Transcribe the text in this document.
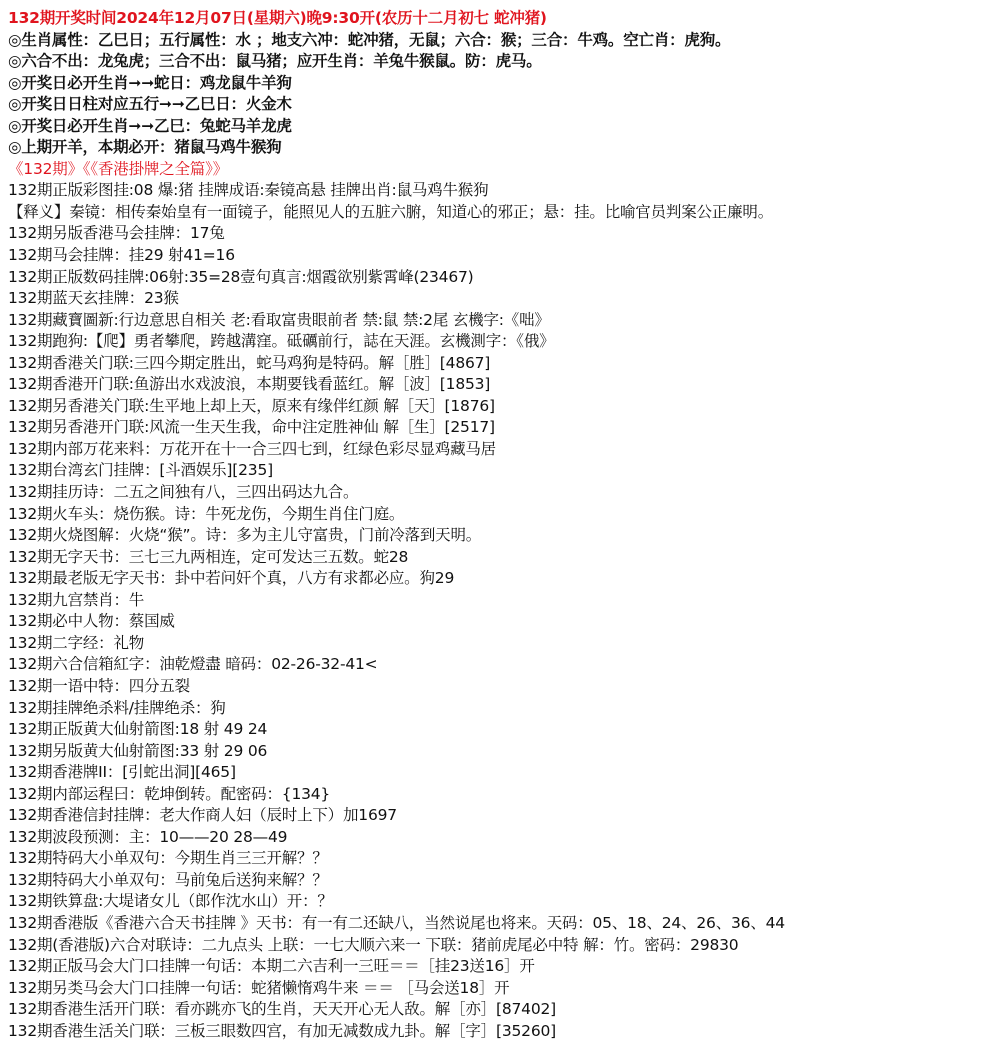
132期开奖时间2024年12月07日(星期六)晚9:30开(农历十二月初七 蛇冲猪)
◎生肖属性：乙巳日；五行属性：水 ；地支六冲：蛇冲猪，无鼠；六合：猴；三合：牛鸡。空亡肖：虎狗。
◎六合不出：龙兔虎；三合不出：鼠马猪；应开生肖：羊兔牛猴鼠。防：虎马。
◎开奖日必开生肖➞➞蛇日：鸡龙鼠牛羊狗
◎开奖日日柱对应五行➞➞乙巳日：火金木
◎开奖日必开生肖➞➞乙巳：兔蛇马羊龙虎
◎上期开羊，本期必开：猪鼠马鸡牛猴狗
《132期》《《香港掛牌之全篇》》
132期正版彩图挂:08 爆:猪 挂牌成语:秦镜高悬 挂牌出肖:鼠马鸡牛猴狗
【释义】秦镜：相传秦始皇有一面镜子，能照见人的五脏六腑，知道心的邪正；悬：挂。比喻官员判案公正廉明。
132期另版香港马会挂牌：17兔
132期马会挂牌：挂29 射41=16
132期正版数码挂牌:06射:35=28壹句真言:烟霞欲别紫霄峰(23467)
132期蓝天玄挂牌：23猴
132期藏寶圖新:行边意思自相关 老:看取富贵眼前者 禁:鼠 禁:2尾 玄機字:《咄》
132期跑狗:【爬】勇者攀爬，跨越溝窪。砥礪前行，誌在天涯。玄機測字：《俄》
132期香港关门联:三四今期定胜出，蛇马鸡狗是特码。解［胜］[4867]
132期香港开门联:鱼游出水戏波浪，本期要钱看蓝红。解［波］[1853]
132期另香港关门联:生平地上却上天，原来有缘伴红颜 解［天］[1876]
132期另香港开门联:风流一生天生我，命中注定胜神仙 解［生］[2517]
132期内部万花来料：万花开在十一合三四七到，红绿色彩尽显鸡藏马居
132期台湾玄门挂牌：[斗酒娱乐][235]
132期挂历诗：二五之间独有八，三四出码达九合。
132期火车头：烧伤猴。诗：牛死龙伤，今期生肖住门庭。
132期火烧图解：火烧“猴”。诗：多为主儿守富贵，门前冷落到天明。
132期无字天书：三七三九两相连，定可发达三五数。蛇28
132期最老版无字天书：卦中若问奸个真，八方有求都必应。狗29
132期九宫禁肖：牛
132期必中人物：蔡国威
132期二字经：礼物
132期六合信箱紅字：油乾燈盡 暗码：02-26-32-41<
132期一语中特：四分五裂
132期挂牌绝杀料/挂牌绝杀：狗
132期正版黄大仙射箭图:18 射 49 24
132期另版黄大仙射箭图:33 射 29 06
132期香港牌II：[引蛇出洞][465]
132期内部运程曰：乾坤倒转。配密码：{134}
132期香港信封挂牌：老大作商人妇（辰时上下）加1697
132期波段预测：主：10——20 28—49
132期特码大小单双句：今期生肖三三开解？？
132期特码大小单双句：马前兔后送狗来解？？
132期铁算盘:大堤诸女儿（郎作沈水山）开：？
132期香港版《香港六合天书挂牌 》天书：有一有二还缺八，当然说尾也将来。天码：05、18、24、26、36、44
132期(香港版)六合对联诗：二九点头 上联：一七大顺六来一 下联：猪前虎尾必中特 解：竹。密码：29830
132期正版马会大门口挂牌一句话：本期二六吉利一三旺＝＝［挂23送16］开
132期另类马会大门口挂牌一句话：蛇猪懒惰鸡牛来 ＝＝ ［马会送18］开
132期香港生活开门联：看亦跳亦飞的生肖，天天开心无人敌。解［亦］[87402]
132期香港生活关门联：三板三眼数四宫，有加无减数成九卦。解［字］[35260]
